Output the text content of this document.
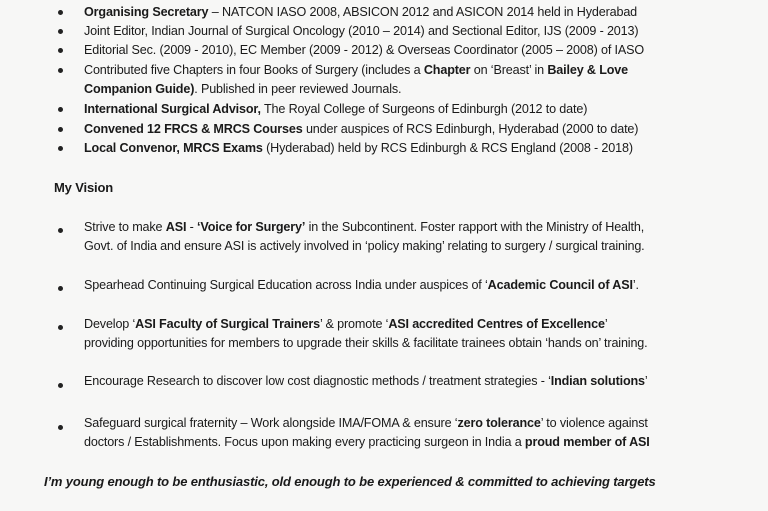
Organising Secretary – NATCON IASO 2008, ABSICON 2012 and ASICON 2014 held in Hyderabad
Joint Editor, Indian Journal of Surgical Oncology (2010 – 2014) and Sectional Editor, IJS (2009 - 2013)
Editorial Sec. (2009 - 2010), EC Member (2009 - 2012) & Overseas Coordinator (2005 – 2008) of IASO
Contributed five Chapters in four Books of Surgery (includes a Chapter on ‘Breast’ in Bailey & Love
Companion Guide). Published in peer reviewed Journals.
International Surgical Advisor, The Royal College of Surgeons of Edinburgh (2012 to date)
Convened 12 FRCS & MRCS Courses under auspices of RCS Edinburgh, Hyderabad (2000 to date)
Local Convenor, MRCS Exams (Hyderabad) held by RCS Edinburgh & RCS England (2008 - 2018)
My Vision
Strive to make ASI - ‘Voice for Surgery’ in the Subcontinent. Foster rapport with the Ministry of Health,
Govt. of India and ensure ASI is actively involved in ‘policy making’ relating to surgery / surgical training.
Spearhead Continuing Surgical Education across India under auspices of ‘Academic Council of ASI’.
Develop ‘ASI Faculty of Surgical Trainers’ & promote ‘ASI accredited Centres of Excellence’
providing opportunities for members to upgrade their skills & facilitate trainees obtain ‘hands on’ training.
Encourage Research to discover low cost diagnostic methods / treatment strategies - ‘Indian solutions’
Safeguard surgical fraternity – Work alongside IMA/FOMA & ensure ‘zero tolerance’ to violence against
doctors / Establishments. Focus upon making every practicing surgeon in India a proud member of ASI
I’m young enough to be enthusiastic, old enough to be experienced & committed to achieving targets
